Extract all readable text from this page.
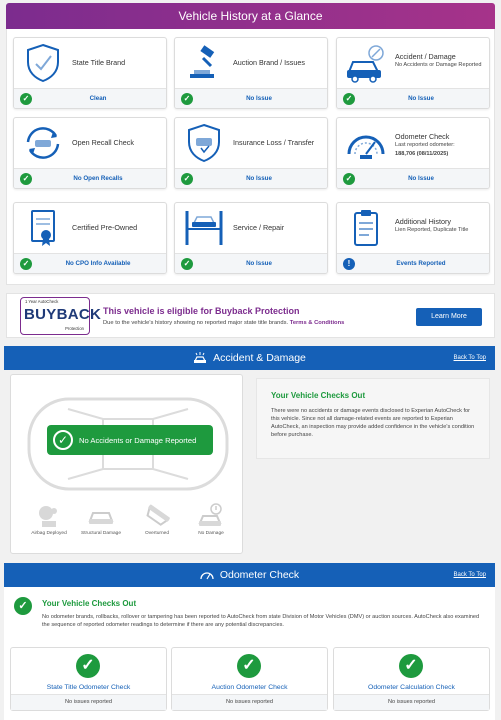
Vehicle History at a Glance
State Title Brand
✓	Clean
Auction Brand / Issues
✓	No Issue
Accident / Damage
No Accidents or Damage Reported
✓	No Issue
Open Recall Check
✓	No Open Recalls
Insurance Loss / Transfer
✓	No Issue
Odometer Check
Last reported odometer:
188,706 (08/11/2025)
✓	No Issue
Certified Pre-Owned
✓	No CPO Info Available
Service / Repair
✓	No Issue
Additional History
Lien Reported, Duplicate Title
!	Events Reported
1 Year AutoCheck
BUYBACK
Protection
This vehicle is eligible for Buyback Protection
Due to the vehicle's history showing no reported major state title brands. Terms & Conditions
Learn More
Accident & Damage	Back To Top
✓	No Accidents or Damage Reported
Airbag Deployed	Structural Damage	Overturned	No Damage
Your Vehicle Checks Out

There were no accidents or damage events disclosed to Experian AutoCheck for this vehicle. Since not all damage-related events are reported to Experian AutoCheck, an inspection may provide added confidence in the vehicle's condition before purchase.

Odometer Check	Back To Top
✓	Your Vehicle Checks Out

No odometer brands, rollbacks, rollover or tampering has been reported to AutoCheck from state Division of Motor Vehicles (DMV) or auction sources. AutoCheck also examined the sequence of reported odometer readings to determine if there are any potential discrepancies.

✓
State Title Odometer Check
No issues reported
✓
Auction Odometer Check
No issues reported
✓
Odometer Calculation Check
No issues reported
